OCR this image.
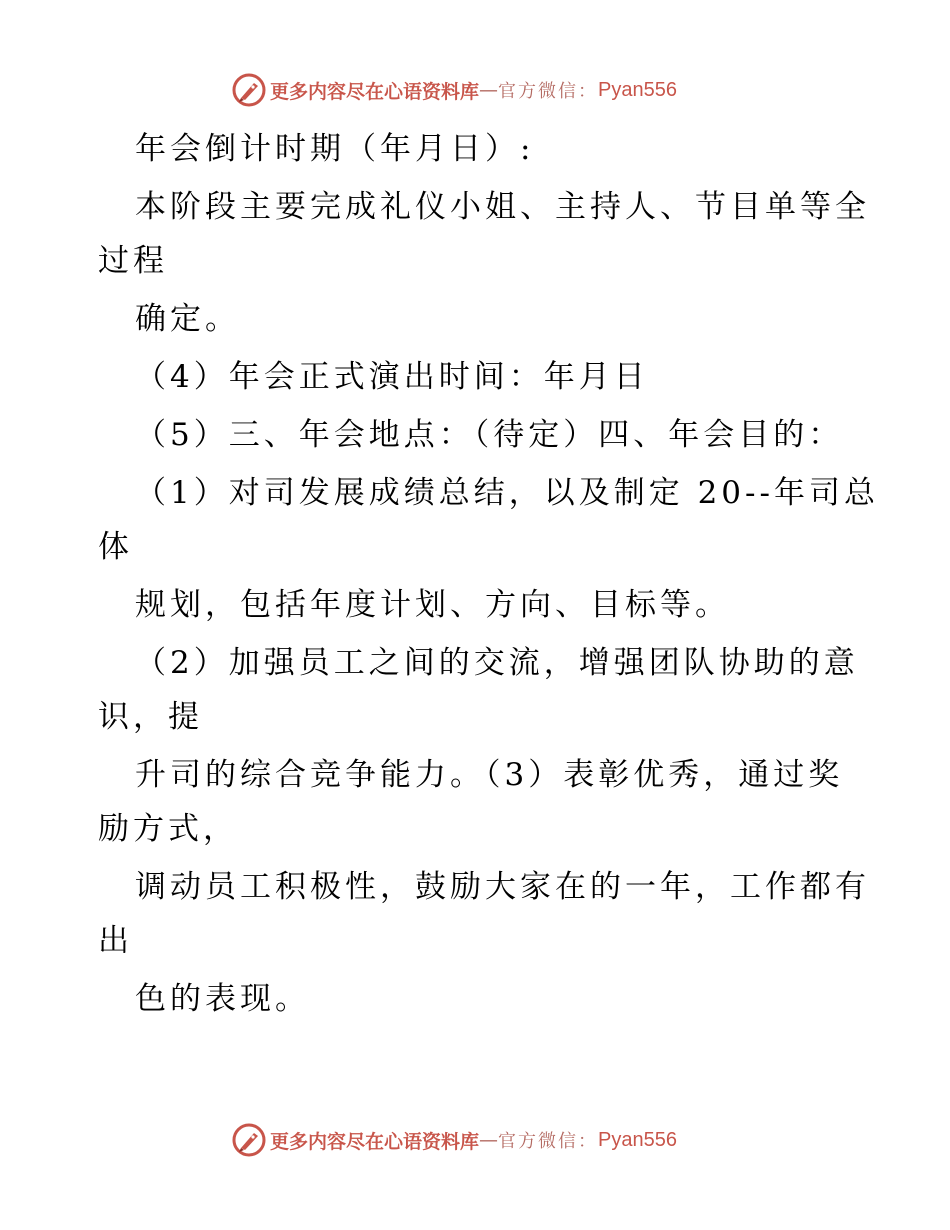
更多内容尽在心语资料库 — 官方微信： Pyan556
年会倒计时期（年月日）:
本阶段主要完成礼仪小姐、主持人、节目单等全
过程
确定。
（4）年会正式演出时间：年月日
（5）三、年会地点：（待定）四、年会目的：
（1）对司发展成绩总结，以及制定 20--年司总
体
规划，包括年度计划、方向、目标等。
（2）加强员工之间的交流，增强团队协助的意
识，提
升司的综合竞争能力。（3）表彰优秀，通过奖
励方式，
调动员工积极性，鼓励大家在的一年，工作都有
出
色的表现。
更多内容尽在心语资料库 — 官方微信： Pyan556
